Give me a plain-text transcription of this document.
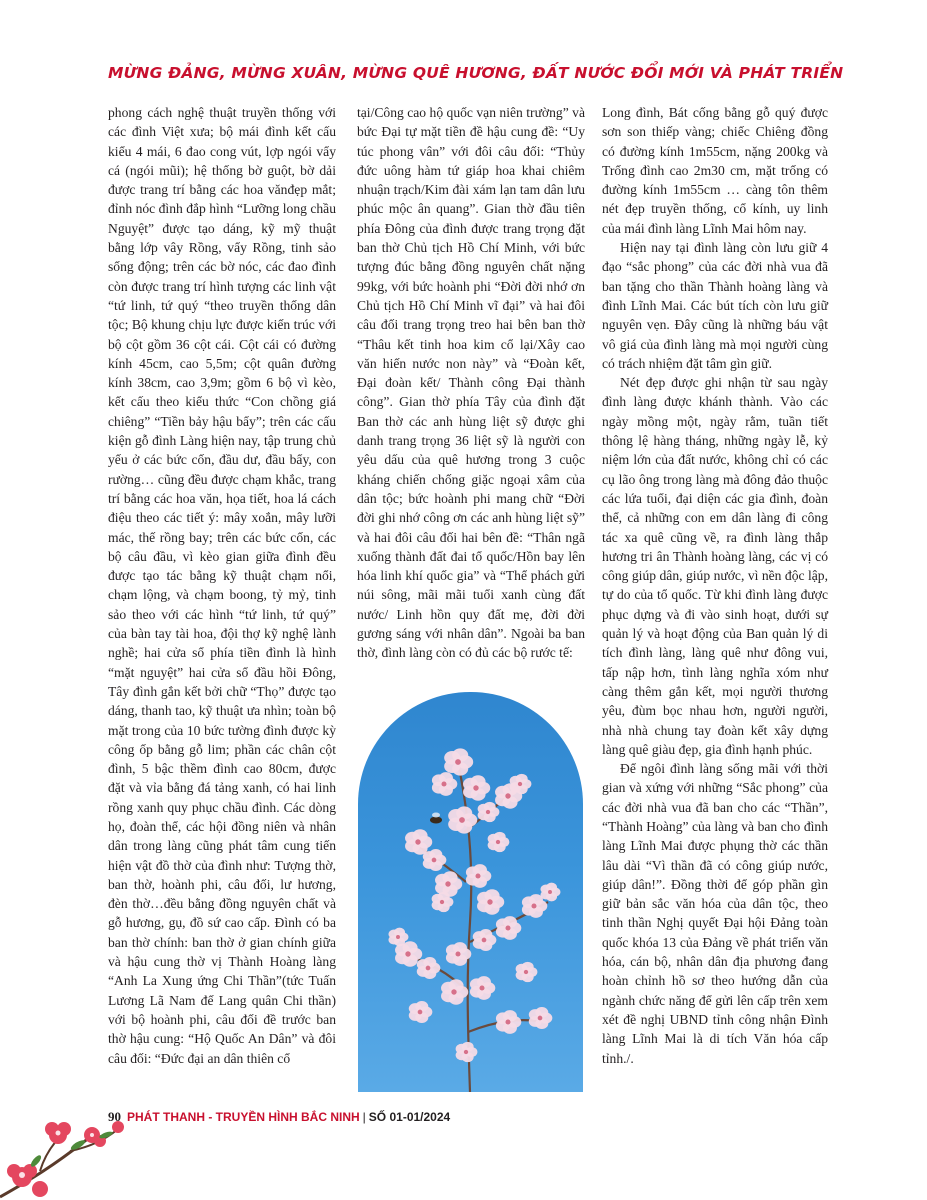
MỪNG ĐẢNG, MỪNG XUÂN, MỪNG QUÊ HƯƠNG, ĐẤT NƯỚC ĐỔI MỚI VÀ PHÁT TRIỂN

phong cách nghệ thuật truyền thống với các đình Việt xưa; bộ mái đình kết cấu kiểu 4 mái, 6 đao cong vút, lợp ngói vẩy cá (ngói mũi); hệ thống bờ guột, bờ dải được trang trí bằng các hoa vănđẹp mắt; đỉnh nóc đình đắp hình “Lưỡng long chầu Nguyệt” được tạo dáng, kỹ mỹ thuật bằng lớp vây Rồng, vẩy Rồng, tinh sảo sống động; trên các bờ nóc, các đao đình còn được trang trí hình tượng các linh vật “tứ linh, tứ quý “theo truyền thống dân tộc; Bộ khung chịu lực được kiến trúc với bộ cột gồm 36 cột cái. Cột cái có đường kính 45cm, cao 5,5m; cột quân đường kính 38cm, cao 3,9m; gồm 6 bộ vì kèo, kết cấu theo kiểu thức “Con chồng giá chiêng” “Tiền bảy hậu bẩy”; trên các cấu kiện gỗ đình Làng hiện nay, tập trung chủ yếu ở các bức cốn, đầu dư, đầu bẩy, con rường… cũng đều được chạm khắc, trang trí bằng các hoa văn, họa tiết, hoa lá cách điệu theo các tiết ý: mây xoắn, mây lưỡi mác, thế rồng bay; trên các bức cốn, các bộ câu đầu, vì kèo gian giữa đình đều được tạo tác bằng kỹ thuật chạm nổi, chạm lộng, và chạm boong, tỷ mỷ, tinh sảo theo với các hình “tứ linh, tứ quý” của bàn tay tài hoa, đội thợ kỹ nghệ lành nghề; hai cửa sổ phía tiền đình là hình “mặt nguyệt” hai cửa sổ đầu hồi Đông, Tây đình gắn kết bởi chữ “Thọ” được tạo dáng, thanh tao, kỹ thuật ưa nhìn; toàn bộ mặt trong của 10 bức tường đình được kỳ công ốp bằng gỗ lim; phần các chân cột đình, 5 bậc thềm đình cao 80cm, được đặt và vỉa bằng đá tảng xanh, có hai linh rồng xanh quy phục chầu đình. Các dòng họ, đoàn thể, các hội đồng niên và nhân dân trong làng cũng phát tâm cung tiến hiện vật đồ thờ của đình như: Tượng thờ, ban thờ, hoành phi, câu đối, lư hương, đèn thờ…đều bằng đồng nguyên chất và gỗ hương, gụ, đồ sứ cao cấp. Đình có ba ban thờ chính: ban thờ ở gian chính giữa và hậu cung thờ vị Thành Hoàng làng “Anh La Xung ứng Chi Thần”(tức Tuấn Lương Lã Nam đế Lang quân Chi thần) với bộ hoành phi, câu đối đề trước ban thờ hậu cung: “Hộ Quốc An Dân” và đôi câu đối: “Đức đại an dân thiên cổ

tại/Công cao hộ quốc vạn niên trường” và bức Đại tự mặt tiền đề hậu cung đề: “Uy túc phong vân” với đôi câu đối: “Thủy đức uông hàm tứ giáp hoa khai chiêm nhuận trạch/Kim đài xám lạn tam dân lưu phúc mộc ân quang”. Gian thờ đầu tiên phía Đông của đình được trang trọng đặt ban thờ Chủ tịch Hồ Chí Minh, với bức tượng đúc bằng đồng nguyên chất nặng 99kg, với bức hoành phi “Đời đời nhớ ơn Chủ tịch Hồ Chí Minh vĩ đại” và hai đôi câu đối trang trọng treo hai bên ban thờ “Thâu kết tinh hoa kim cổ lại/Xây cao văn hiến nước non này” và “Đoàn kết, Đại đoàn kết/ Thành công Đại thành công”. Gian thờ phía Tây của đình đặt Ban thờ các anh hùng liệt sỹ được ghi danh trang trọng 36 liệt sỹ là người con yêu dấu của quê hương trong 3 cuộc kháng chiến chống giặc ngoại xâm của dân tộc; bức hoành phi mang chữ “Đời đời ghi nhớ công ơn các anh hùng liệt sỹ” và hai đôi câu đối hai bên đề: “Thân ngã xuống thành đất đai tổ quốc/Hồn bay lên hóa linh khí quốc gia” và “Thể phách gửi núi sông, mãi mãi tuổi xanh cùng đất nước/ Linh hồn quy đất mẹ, đời đời gương sáng với nhân dân”. Ngoài ba ban thờ, đình làng còn có đủ các bộ rước tế:

Long đình, Bát cống bằng gỗ quý được sơn son thiếp vàng; chiếc Chiêng đồng có đường kính 1m55cm, nặng 200kg và Trống đình cao 2m30 cm, mặt trống có đường kính 1m55cm … càng tôn thêm nét đẹp truyền thống, cổ kính, uy linh của mái đình làng Lĩnh Mai hôm nay.

Hiện nay tại đình làng còn lưu giữ 4 đạo “sắc phong” của các đời nhà vua đã ban tặng cho thần Thành hoàng làng và đình Lĩnh Mai. Các bút tích còn lưu giữ nguyên vẹn. Đây cũng là những báu vật vô giá của đình làng mà mọi người cùng có trách nhiệm đặt tâm gìn giữ.

Nét đẹp được ghi nhận từ sau ngày đình làng được khánh thành. Vào các ngày mồng một, ngày rằm, tuần tiết thông lệ hàng tháng, những ngày lễ, kỷ niệm lớn của đất nước, không chỉ có các cụ lão ông trong làng mà đông đảo thuộc các lứa tuổi, đại diện các gia đình, đoàn thể, cả những con em dân làng đi công tác xa quê cũng về, ra đình làng thắp hương tri ân Thành hoàng làng, các vị có công giúp dân, giúp nước, vì nền độc lập, tự do của tổ quốc. Từ khi đình làng được phục dựng và đi vào sinh hoạt, dưới sự quản lý và hoạt động của Ban quản lý di tích đình làng, làng quê như đông vui, tấp nập hơn, tình làng nghĩa xóm như càng thêm gắn kết, mọi người thương yêu, đùm bọc nhau hơn, người người, nhà nhà chung tay đoàn kết xây dựng làng quê giàu đẹp, gia đình hạnh phúc.

Để ngôi đình làng sống mãi với thời gian và xứng với những “Sắc phong” của các đời nhà vua đã ban cho các “Thần”, “Thành Hoàng” của làng và ban cho đình làng Lĩnh Mai được phụng thờ các thần lâu dài “Vì thần đã có công giúp nước, giúp dân!”. Đồng thời để góp phần gìn giữ bản sắc văn hóa của dân tộc, theo tinh thần Nghị quyết Đại hội Đảng toàn quốc khóa 13 của Đảng về phát triển văn hóa, cán bộ, nhân dân địa phương đang hoàn chỉnh hồ sơ theo hướng dẫn của ngành chức năng để gửi lên cấp trên xem xét đề nghị UBND tỉnh công nhận Đình làng Lĩnh Mai là di tích Văn hóa cấp tỉnh./.

90 PHÁT THANH - TRUYỀN HÌNH BẮC NINH | SỐ 01-01/2024
